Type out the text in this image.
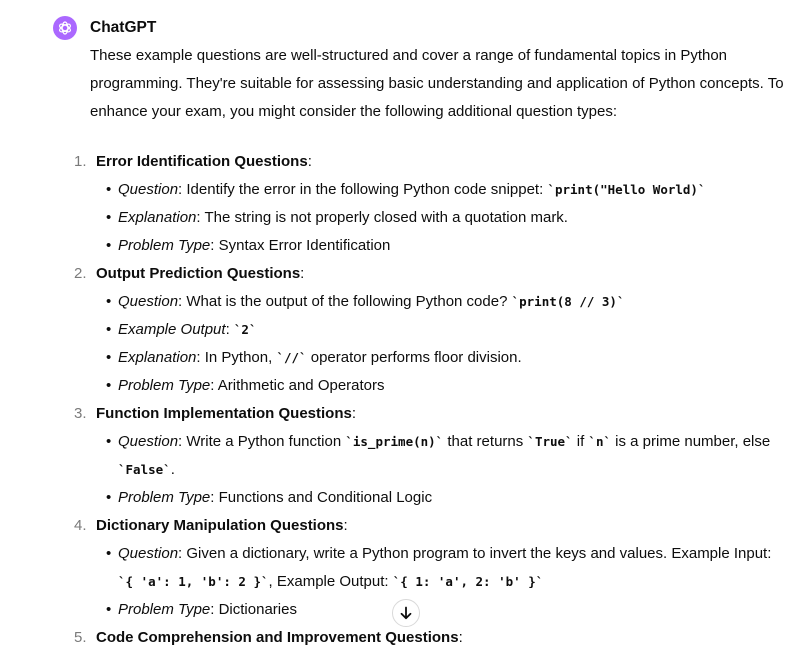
ChatGPT

These example questions are well-structured and cover a range of fundamental topics in Python programming. They're suitable for assessing basic understanding and application of Python concepts. To enhance your exam, you might consider the following additional question types:

1. Error Identification Questions:
• Question: Identify the error in the following Python code snippet: `print("Hello World)`
• Explanation: The string is not properly closed with a quotation mark.
• Problem Type: Syntax Error Identification
2. Output Prediction Questions:
• Question: What is the output of the following Python code? `print(8 // 3)`
• Example Output: `2`
• Explanation: In Python, `//` operator performs floor division.
• Problem Type: Arithmetic and Operators
3. Function Implementation Questions:
• Question: Write a Python function `is_prime(n)` that returns `True` if `n` is a prime number, else `False`.
• Problem Type: Functions and Conditional Logic
4. Dictionary Manipulation Questions:
• Question: Given a dictionary, write a Python program to invert the keys and values. Example Input: `{ 'a': 1, 'b': 2 }`, Example Output: `{ 1: 'a', 2: 'b' }`
• Problem Type: Dictionaries
5. Code Comprehension and Improvement Questions:
